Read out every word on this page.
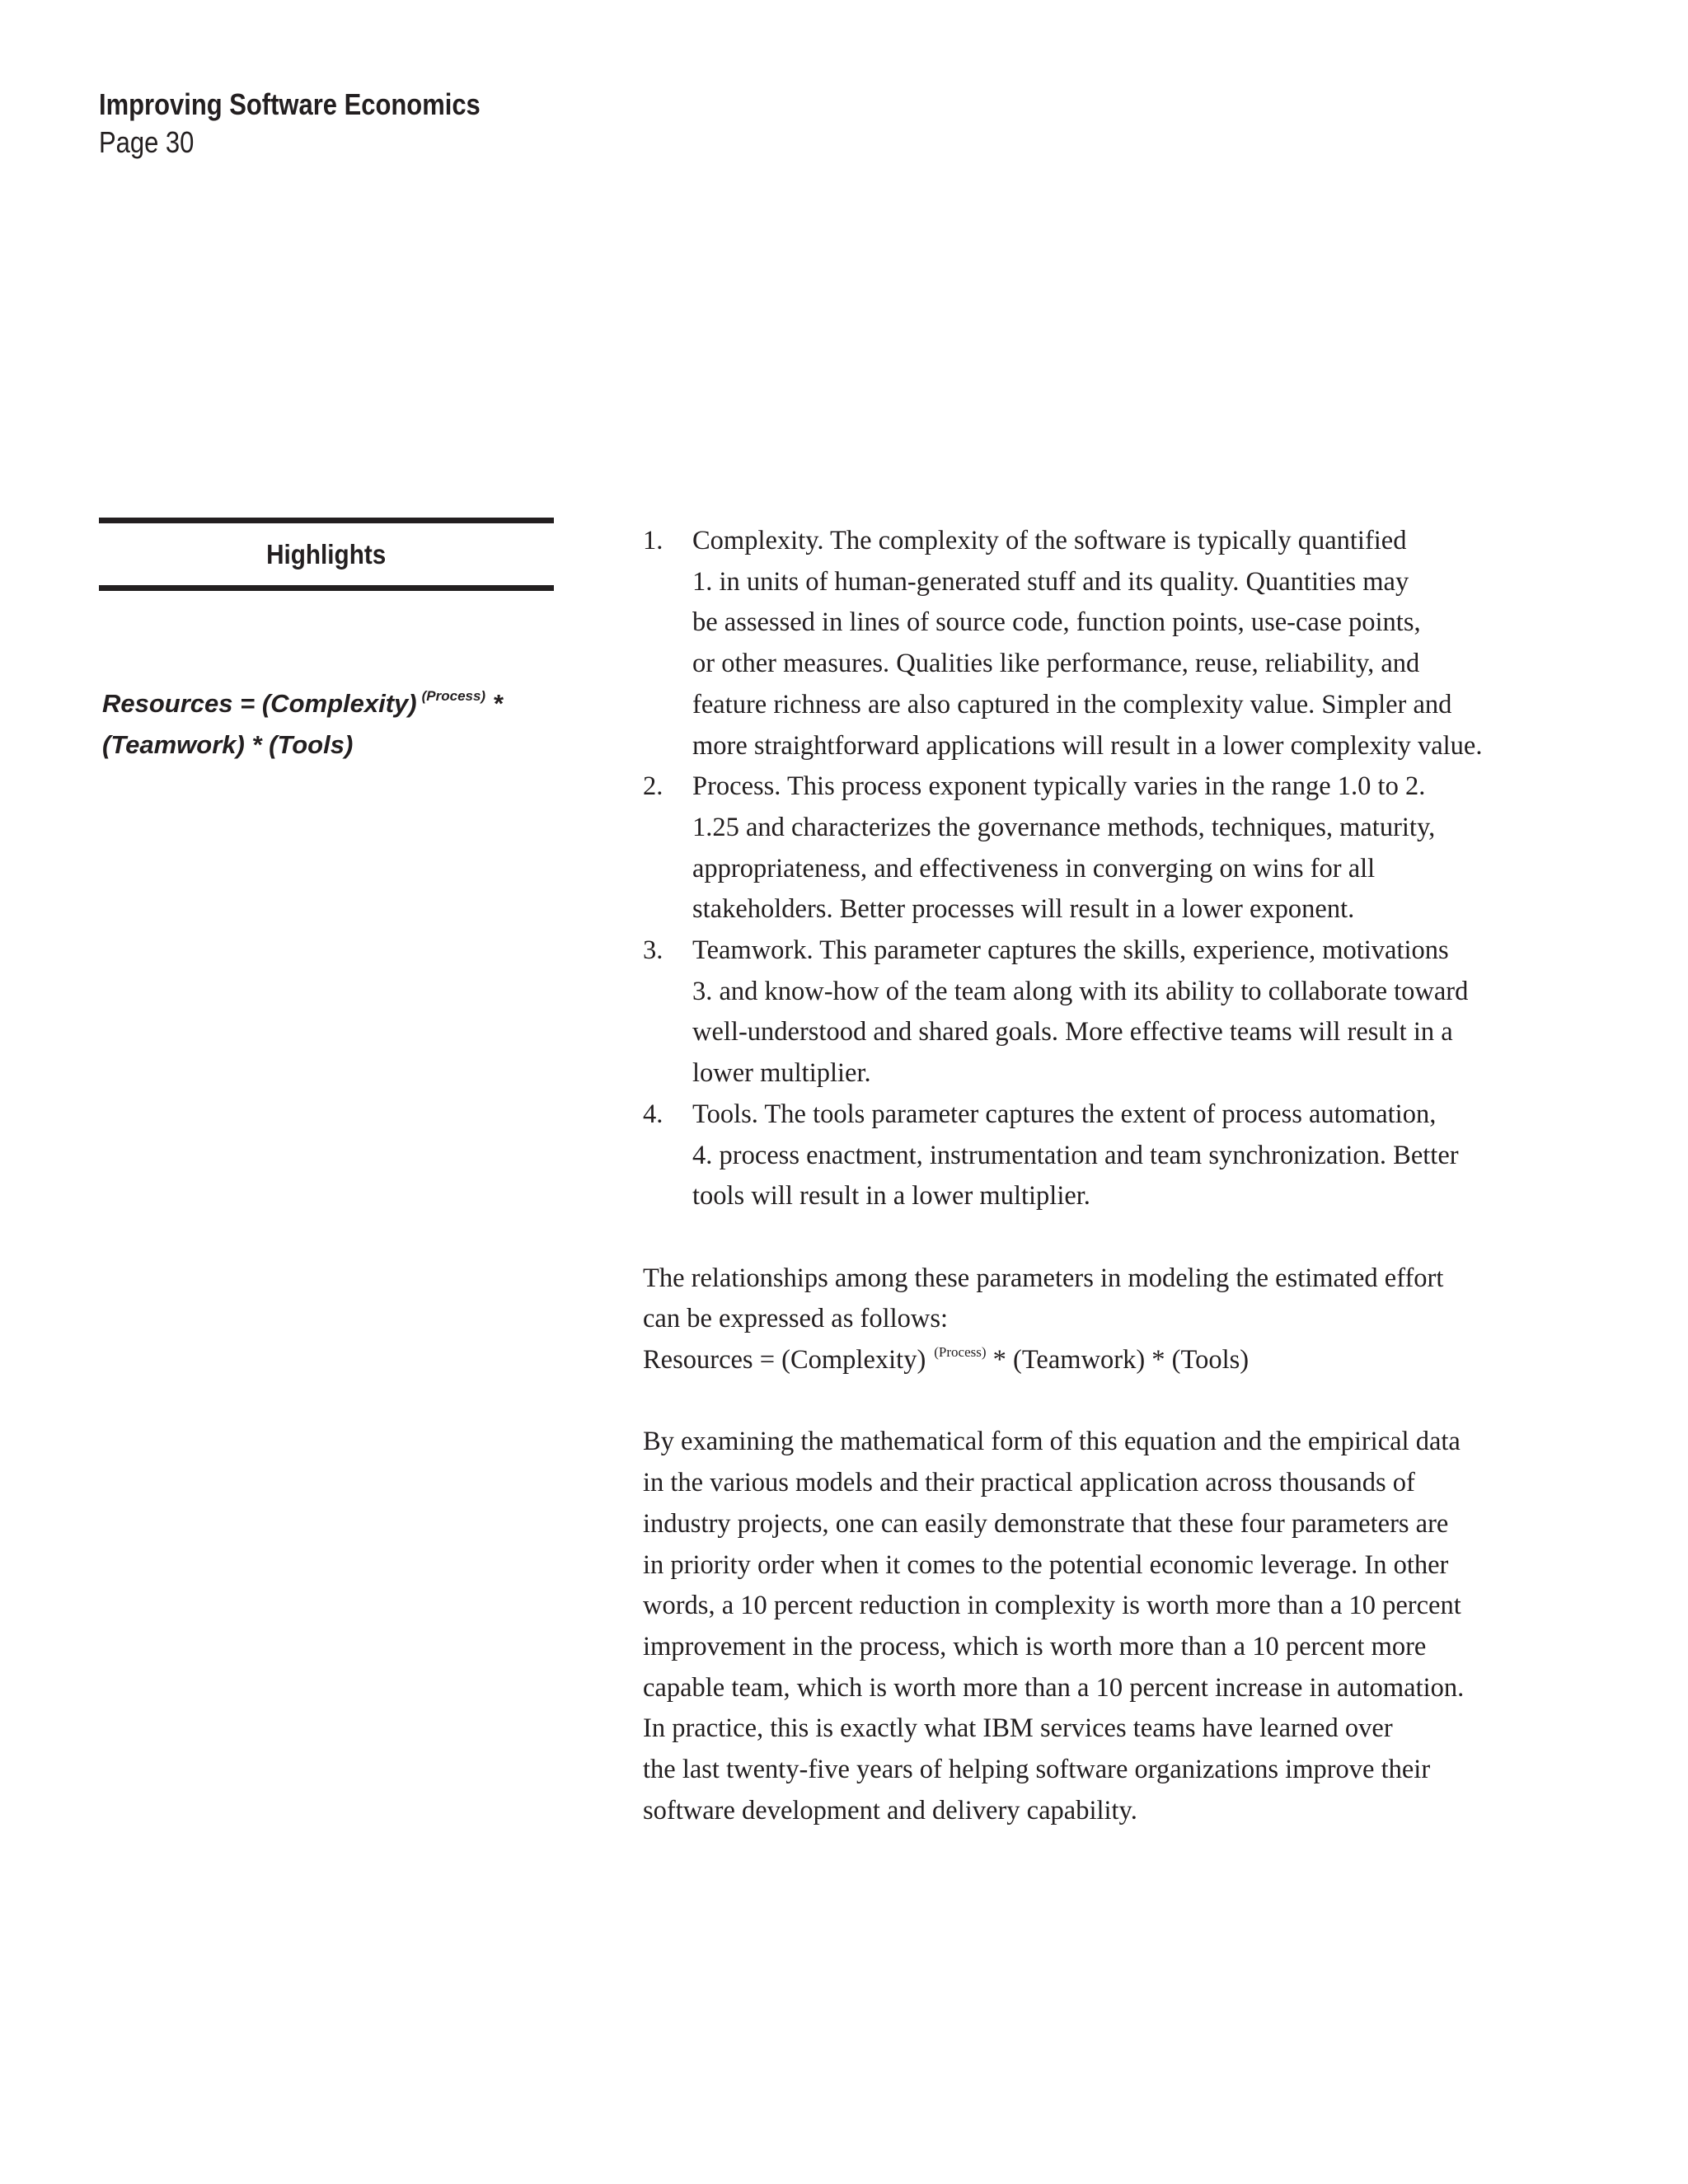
Improving Software Economics
Page 30
Highlights
Resources = (Complexity) $^{(Process)}$ *
(Teamwork) * (Tools)
1. Complexity. The complexity of the software is typically quantified
1. in units of human-generated stuff and its quality. Quantities may
be assessed in lines of source code, function points, use-case points,
or other measures. Qualities like performance, reuse, reliability, and
feature richness are also captured in the complexity value. Simpler and
more straightforward applications will result in a lower complexity value.
2. Process. This process exponent typically varies in the range 1.0 to 2.
1.25 and characterizes the governance methods, techniques, maturity,
appropriateness, and effectiveness in converging on wins for all
stakeholders. Better processes will result in a lower exponent.
3. Teamwork. This parameter captures the skills, experience, motivations
3. and know-how of the team along with its ability to collaborate toward
well-understood and shared goals. More effective teams will result in a
lower multiplier.
4. Tools. The tools parameter captures the extent of process automation,
4. process enactment, instrumentation and team synchronization. Better
tools will result in a lower multiplier.
The relationships among these parameters in modeling the estimated effort
can be expressed as follows:
Resources = (Complexity) $^{(Process)}$ * (Teamwork) * (Tools)
By examining the mathematical form of this equation and the empirical data
in the various models and their practical application across thousands of
industry projects, one can easily demonstrate that these four parameters are
in priority order when it comes to the potential economic leverage. In other
words, a 10 percent reduction in complexity is worth more than a 10 percent
improvement in the process, which is worth more than a 10 percent more
capable team, which is worth more than a 10 percent increase in automation.
In practice, this is exactly what IBM services teams have learned over
the last twenty-five years of helping software organizations improve their
software development and delivery capability.
